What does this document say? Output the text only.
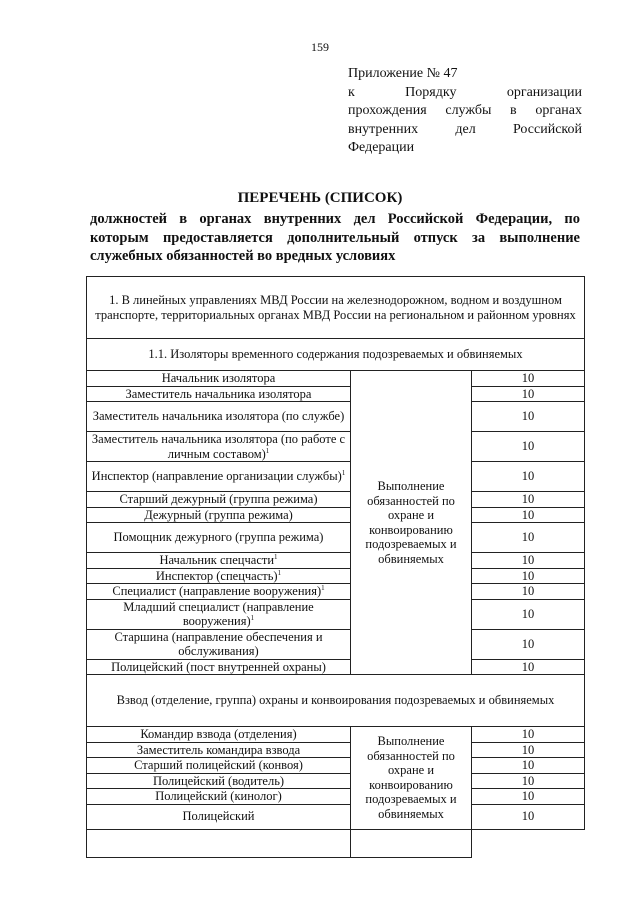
159
Приложение № 47
к Порядку организации
прохождения службы в органах
внутренних дел Российской
Федерации
ПЕРЕЧЕНЬ (СПИСОК)
должностей в органах внутренних дел Российской Федерации, по
которым предоставляется дополнительный отпуск за выполнение
служебных обязанностей во вредных условиях
1. В линейных управлениях МВД России на железнодорожном, водном и воздушном транспорте, территориальных органах МВД России на региональном и районном уровнях		
1.1. Изоляторы временного содержания подозреваемых и обвиняемых		
Начальник изолятора	Выполнение обязанностей по охране и конвоированию подозреваемых и обвиняемых	10
Заместитель начальника изолятора		10
Заместитель начальника изолятора (по службе)		10
Заместитель начальника изолятора (по работе с личным составом)$^1$		10
Инспектор (направление организации службы)$^1$		10
Старший дежурный (группа режима)		10
Дежурный (группа режима)		10
Помощник дежурного (группа режима)		10
Начальник спецчасти$^1$		10
Инспектор (спецчасть)$^1$		10
Специалист (направление вооружения)$^1$		10
Младший специалист (направление вооружения)$^1$		10
Старшина (направление обеспечения и обслуживания)		10
Полицейский (пост внутренней охраны)		10
Взвод (отделение, группа) охраны и конвоирования подозреваемых и обвиняемых		
Командир взвода (отделения)	Выполнение обязанностей по охране и конвоированию подозреваемых и обвиняемых	10
Заместитель командира взвода		10
Старший полицейский (конвоя)		10
Полицейский (водитель)		10
Полицейский (кинолог)		10
Полицейский		10
